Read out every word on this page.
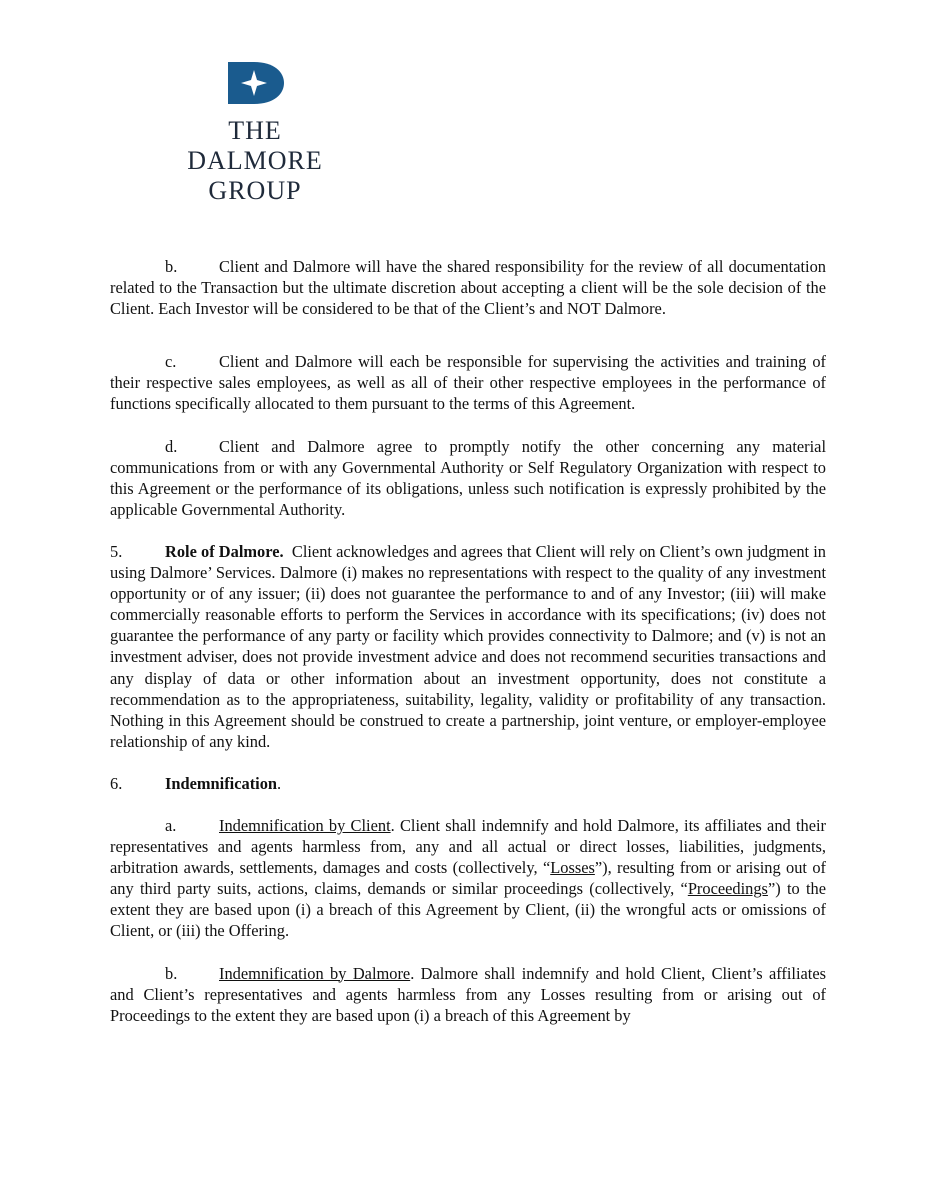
THE
DALMORE
GROUP

b.	Client and Dalmore will have the shared responsibility for the review of all documentation related to the Transaction but the ultimate discretion about accepting a client will be the sole decision of the Client. Each Investor will be considered to be that of the Client’s and NOT Dalmore.

c.	Client and Dalmore will each be responsible for supervising the activities and training of their respective sales employees, as well as all of their other respective employees in the performance of functions specifically allocated to them pursuant to the terms of this Agreement.

d.	Client and Dalmore agree to promptly notify the other concerning any material communications from or with any Governmental Authority or Self Regulatory Organization with respect to this Agreement or the performance of its obligations, unless such notification is expressly prohibited by the applicable Governmental Authority.

5.	Role of Dalmore. Client acknowledges and agrees that Client will rely on Client’s own judgment in using Dalmore’ Services. Dalmore (i) makes no representations with respect to the quality of any investment opportunity or of any issuer; (ii) does not guarantee the performance to and of any Investor; (iii) will make commercially reasonable efforts to perform the Services in accordance with its specifications; (iv) does not guarantee the performance of any party or facility which provides connectivity to Dalmore; and (v) is not an investment adviser, does not provide investment advice and does not recommend securities transactions and any display of data or other information about an investment opportunity, does not constitute a recommendation as to the appropriateness, suitability, legality, validity or profitability of any transaction. Nothing in this Agreement should be construed to create a partnership, joint venture, or employer-employee relationship of any kind.

6.	Indemnification.

a.	Indemnification by Client. Client shall indemnify and hold Dalmore, its affiliates and their representatives and agents harmless from, any and all actual or direct losses, liabilities, judgments, arbitration awards, settlements, damages and costs (collectively, “Losses”), resulting from or arising out of any third party suits, actions, claims, demands or similar proceedings (collectively, “Proceedings”) to the extent they are based upon (i) a breach of this Agreement by Client, (ii) the wrongful acts or omissions of Client, or (iii) the Offering.

b.	Indemnification by Dalmore. Dalmore shall indemnify and hold Client, Client’s affiliates and Client’s representatives and agents harmless from any Losses resulting from or arising out of Proceedings to the extent they are based upon (i) a breach of this Agreement by
